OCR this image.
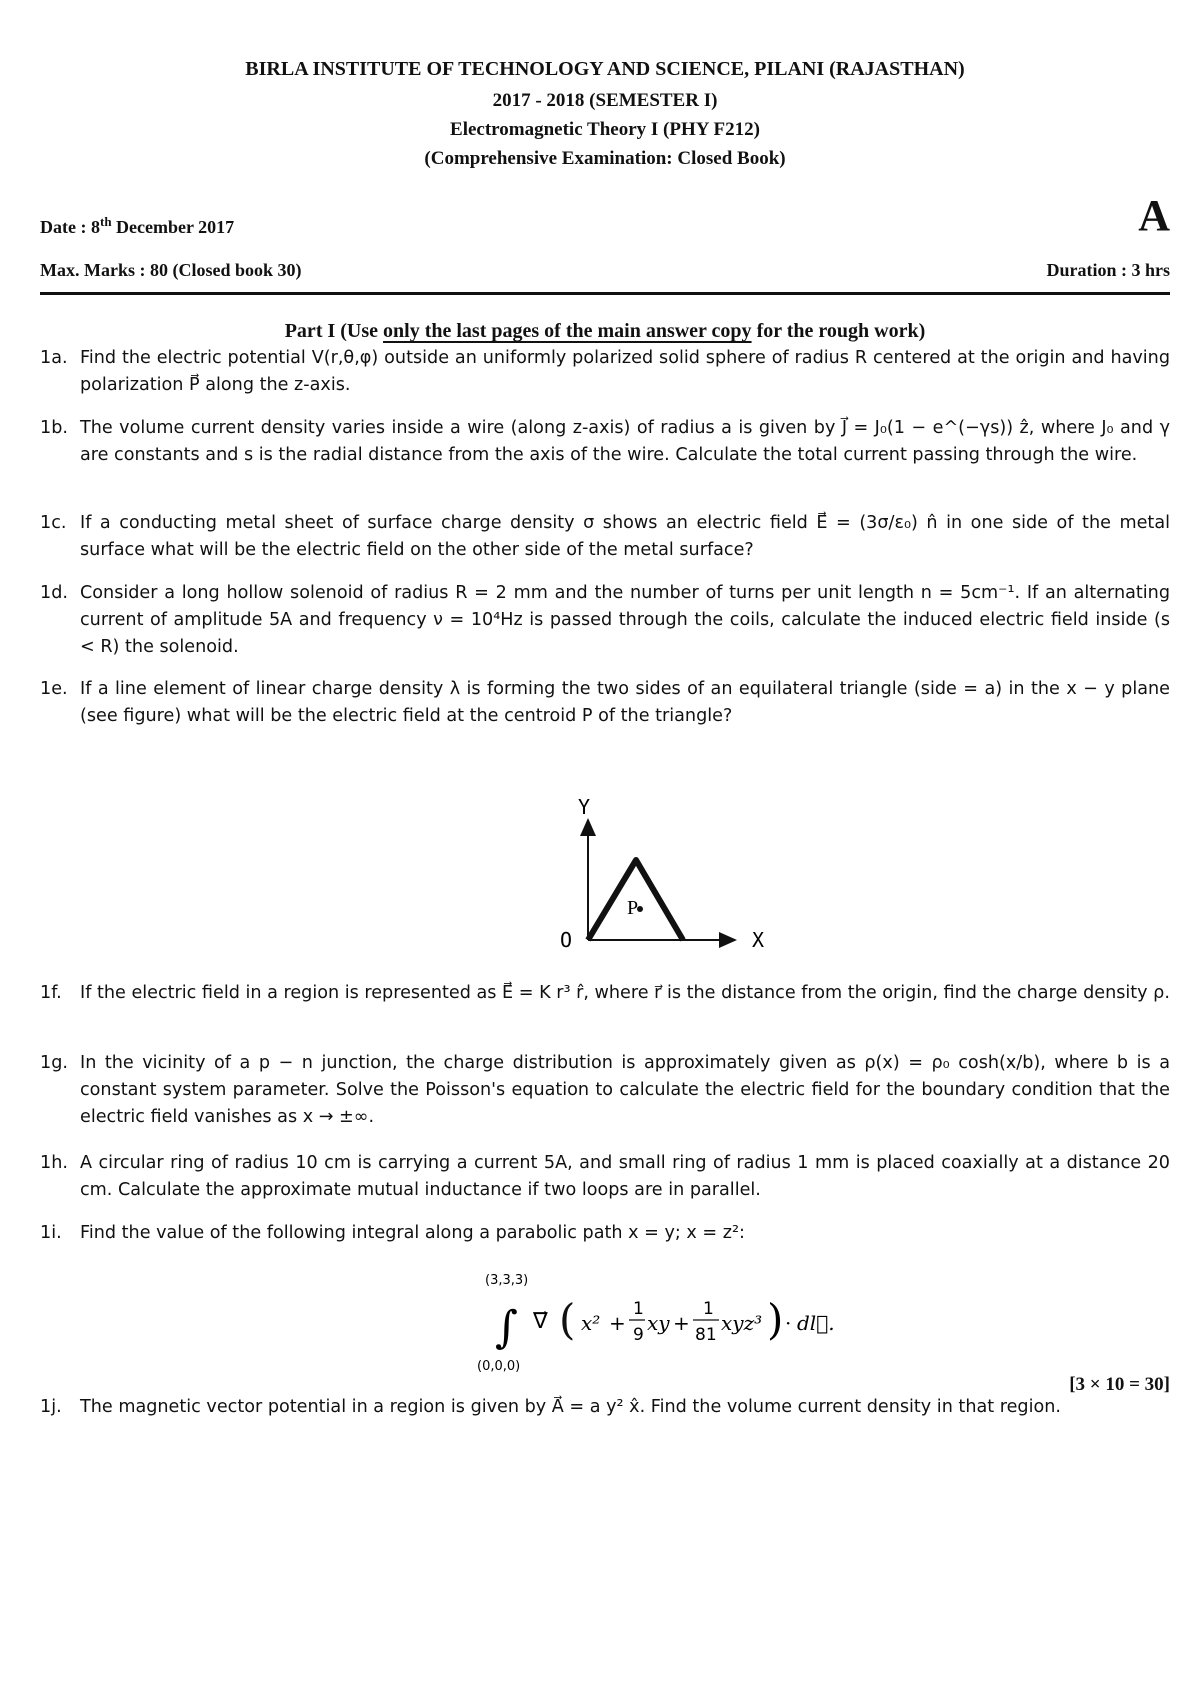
BIRLA INSTITUTE OF TECHNOLOGY AND SCIENCE, PILANI (RAJASTHAN)
2017 - 2018 (SEMESTER I)
Electromagnetic Theory I (PHY F212)
(Comprehensive Examination: Closed Book)
Date : 8th December 2017	A
Max. Marks : 80 (Closed book 30)	Duration : 3 hrs
Part I (Use only the last pages of the main answer copy for the rough work)
1a. Find the electric potential V(r,θ,φ) outside an uniformly polarized solid sphere of radius R centered at the origin and having polarization P⃗ along the z-axis.
1b. The volume current density varies inside a wire (along z-axis) of radius a is given by J⃗ = J₀(1 − e^(−γs)) ẑ, where J₀ and γ are constants and s is the radial distance from the axis of the wire. Calculate the total current passing through the wire.
1c. If a conducting metal sheet of surface charge density σ shows an electric field E⃗ = (3σ/ε₀) n̂ in one side of the metal surface what will be the electric field on the other side of the metal surface?
1d. Consider a long hollow solenoid of radius R = 2 mm and the number of turns per unit length n = 5cm⁻¹. If an alternating current of amplitude 5A and frequency ν = 10⁴Hz is passed through the coils, calculate the induced electric field inside (s < R) the solenoid.
1e. If a line element of linear charge density λ is forming the two sides of an equilateral triangle (side = a) in the x − y plane (see figure) what will be the electric field at the centroid P of the triangle?
P
Y
X
O
1f.	If the electric field in a region is represented as E⃗ = K r³ r̂, where r⃗ is the distance from the origin, find the charge density ρ.
1g. In the vicinity of a p − n junction, the charge distribution is approximately given as ρ(x) = ρ₀ cosh(x/b), where b is a constant system parameter. Solve the Poisson's equation to calculate the electric field for the boundary condition that the electric field vanishes as x → ±∞.
1h. A circular ring of radius 10 cm is carrying a current 5A, and small ring of radius 1 mm is placed coaxially at a distance 20 cm. Calculate the approximate mutual inductance if two loops are in parallel.
1i.	Find the value of the following integral along a parabolic path x = y; x = z²:
(3,3,3)
∫
(0,0,0)
∇⃗ ( x² +
1
9 xy +
1
81 xyz³ ) · dl⃗.
1j.	The magnetic vector potential in a region is given by A⃗ = a y² x̂. Find the volume current density in that region.
[3 × 10 = 30]
